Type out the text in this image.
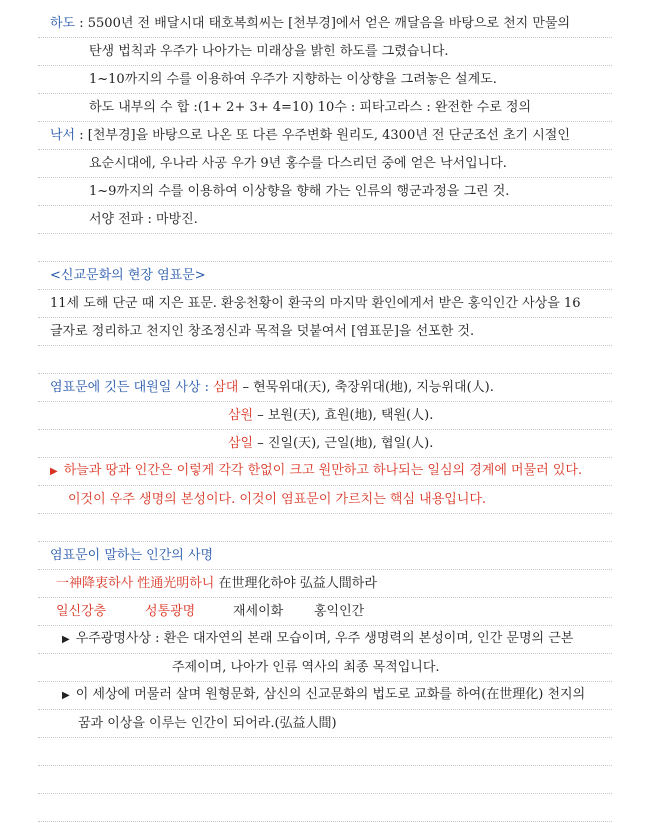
하도 : 5500년 전 배달시대 태호복희씨는 [천부경]에서 얻은 깨달음을 바탕으로 천지 만물의
탄생 법칙과 우주가 나아가는 미래상을 밝힌 하도를 그렸습니다.
1~10까지의 수를 이용하여 우주가 지향하는 이상향을 그려놓은 설계도.
하도 내부의 수 합 :(1+ 2+ 3+ 4=10) 10수 : 피타고라스 : 완전한 수로 정의
낙서 : [천부경]을 바탕으로 나온 또 다른 우주변화 원리도, 4300년 전 단군조선 초기 시절인
요순시대에, 우나라 사공 우가 9년 홍수를 다스리던 중에 얻은 낙서입니다.
1~9까지의 수를 이용하여 이상향을 향해 가는 인류의 행군과정을 그린 것.
서양 전파 : 마방진.
<신교문화의 현장 염표문>
11세 도해 단군 때 지은 표문. 환웅천황이 환국의 마지막 환인에게서 받은 홍익인간 사상을 16
글자로 정리하고 천지인 창조정신과 목적을 덧붙여서 [염표문]을 선포한 것.
염표문에 깃든 대원일 사상 : 삼대 – 현묵위대(天), 축장위대(地), 지능위대(人).
삼원 – 보원(天), 효원(地), 택원(人).
삼일 – 진일(天), 근일(地), 협일(人).
▶ 하늘과 땅과 인간은 이렇게 각각 한없이 크고 원만하고 하나되는 일심의 경계에 머물러 있다.
이것이 우주 생명의 본성이다. 이것이 염표문이 가르치는 핵심 내용입니다.
염표문이 말하는 인간의 사명
一神降衷하사 性通光明하니 在世理化하야 弘益人間하라
일신강충	성통광명	재세이화 홍익인간
▶ 우주광명사상 : 환은 대자연의 본래 모습이며, 우주 생명력의 본성이며, 인간 문명의 근본
주제이며, 나아가 인류 역사의 최종 목적입니다.
▶ 이 세상에 머물러 살며 원형문화, 삼신의 신교문화의 법도로 교화를 하여(在世理化) 천지의
꿈과 이상을 이루는 인간이 되어라.(弘益人間)
